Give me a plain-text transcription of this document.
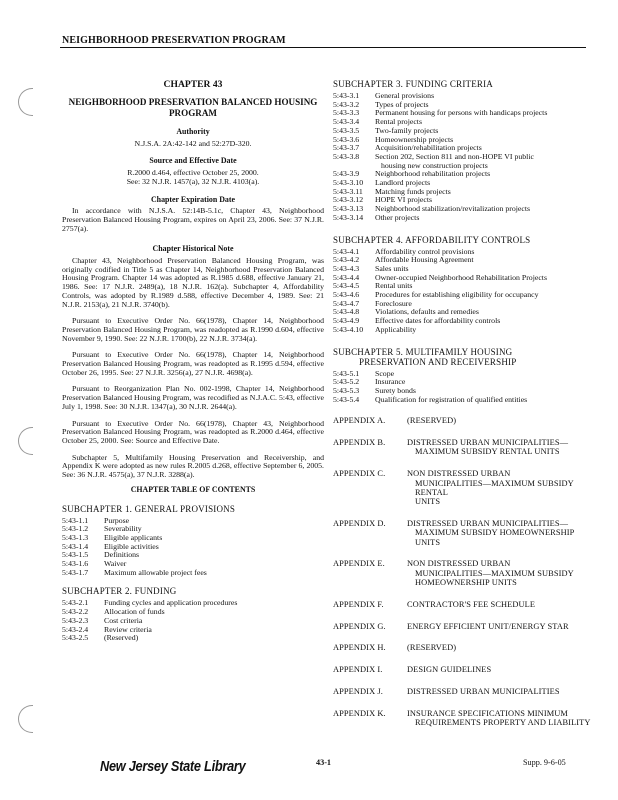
NEIGHBORHOOD PRESERVATION PROGRAM
CHAPTER 43
NEIGHBORHOOD PRESERVATION BALANCED HOUSING PROGRAM
Authority
N.J.S.A. 2A:42-142 and 52:27D-320.
Source and Effective Date
R.2000 d.464, effective October 25, 2000.
See: 32 N.J.R. 1457(a), 32 N.J.R. 4103(a).
Chapter Expiration Date

In accordance with N.J.S.A. 52:14B-5.1c, Chapter 43, Neighborhood Preservation Balanced Housing Program, expires on April 23, 2006. See: 37 N.J.R. 2757(a).

Chapter Historical Note

Chapter 43, Neighborhood Preservation Balanced Housing Program, was originally codified in Title 5 as Chapter 14, Neighborhood Preservation Balanced Housing Program. Chapter 14 was adopted as R.1985 d.688, effective January 21, 1986. See: 17 N.J.R. 2489(a), 18 N.J.R. 162(a). Subchapter 4, Affordability Controls, was adopted by R.1989 d.588, effective December 4, 1989. See: 21 N.J.R. 2153(a), 21 N.J.R. 3740(b).

Pursuant to Executive Order No. 66(1978), Chapter 14, Neighborhood Preservation Balanced Housing Program, was readopted as R.1990 d.604, effective November 9, 1990. See: 22 N.J.R. 1700(b), 22 N.J.R. 3734(a).

Pursuant to Executive Order No. 66(1978), Chapter 14, Neighborhood Preservation Balanced Housing Program, was readopted as R.1995 d.594, effective October 26, 1995. See: 27 N.J.R. 3256(a), 27 N.J.R. 4698(a).

Pursuant to Reorganization Plan No. 002-1998, Chapter 14, Neighborhood Preservation Balanced Housing Program, was recodified as N.J.A.C. 5:43, effective July 1, 1998. See: 30 N.J.R. 1347(a), 30 N.J.R. 2644(a).

Pursuant to Executive Order No. 66(1978), Chapter 43, Neighborhood Preservation Balanced Housing Program, was readopted as R.2000 d.464, effective October 25, 2000. See: Source and Effective Date.

Subchapter 5, Multifamily Housing Preservation and Receivership, and Appendix K were adopted as new rules R.2005 d.268, effective September 6, 2005. See: 36 N.J.R. 4575(a), 37 N.J.R. 3288(a).

CHAPTER TABLE OF CONTENTS
SUBCHAPTER 1. GENERAL PROVISIONS
5:43-1.1	Purpose
5:43-1.2	Severability
5:43-1.3	Eligible applicants
5:43-1.4	Eligible activities
5:43-1.5	Definitions
5:43-1.6	Waiver
5:43-1.7	Maximum allowable project fees
SUBCHAPTER 2. FUNDING
5:43-2.1	Funding cycles and application procedures
5:43-2.2	Allocation of funds
5:43-2.3	Cost criteria
5:43-2.4	Review criteria
5:43-2.5	(Reserved)
SUBCHAPTER 3. FUNDING CRITERIA
5:43-3.1	General provisions
5:43-3.2	Types of projects
5:43-3.3	Permanent housing for persons with handicaps projects
5:43-3.4	Rental projects
5:43-3.5	Two-family projects
5:43-3.6	Homeownership projects
5:43-3.7	Acquisition/rehabilitation projects
5:43-3.8	Section 202, Section 811 and non-HOPE VI public
housing new construction projects
5:43-3.9	Neighborhood rehabilitation projects
5:43-3.10	Landlord projects
5:43-3.11	Matching funds projects
5:43-3.12	HOPE VI projects
5:43-3.13	Neighborhood stabilization/revitalization projects
5:43-3.14	Other projects
SUBCHAPTER 4. AFFORDABILITY CONTROLS
5:43-4.1	Affordability control provisions
5:43-4.2	Affordable Housing Agreement
5:43-4.3	Sales units
5:43-4.4	Owner-occupied Neighborhood Rehabilitation Projects
5:43-4.5	Rental units
5:43-4.6	Procedures for establishing eligibility for occupancy
5:43-4.7	Foreclosure
5:43-4.8	Violations, defaults and remedies
5:43-4.9	Effective dates for affordability controls
5:43-4.10	Applicability
SUBCHAPTER 5. MULTIFAMILY HOUSING
PRESERVATION AND RECEIVERSHIP
5:43-5.1	Scope
5:43-5.2	Insurance
5:43-5.3	Surety bonds
5:43-5.4	Qualification for registration of qualified entities
APPENDIX A.	(RESERVED)
APPENDIX B.	DISTRESSED URBAN MUNICIPALITIES—
MAXIMUM SUBSIDY RENTAL UNITS
APPENDIX C.	NON DISTRESSED URBAN
MUNICIPALITIES—MAXIMUM SUBSIDY RENTAL
UNITS
APPENDIX D.	DISTRESSED URBAN MUNICIPALITIES—
MAXIMUM SUBSIDY HOMEOWNERSHIP UNITS
APPENDIX E.	NON DISTRESSED URBAN
MUNICIPALITIES—MAXIMUM SUBSIDY
HOMEOWNERSHIP UNITS
APPENDIX F.	CONTRACTOR'S FEE SCHEDULE
APPENDIX G.	ENERGY EFFICIENT UNIT/ENERGY STAR
APPENDIX H.	(RESERVED)
APPENDIX I.	DESIGN GUIDELINES
APPENDIX J.	DISTRESSED URBAN MUNICIPALITIES
APPENDIX K.	INSURANCE SPECIFICATIONS MINIMUM
REQUIREMENTS PROPERTY AND LIABILITY
New Jersey State Library	43-1	Supp. 9-6-05
